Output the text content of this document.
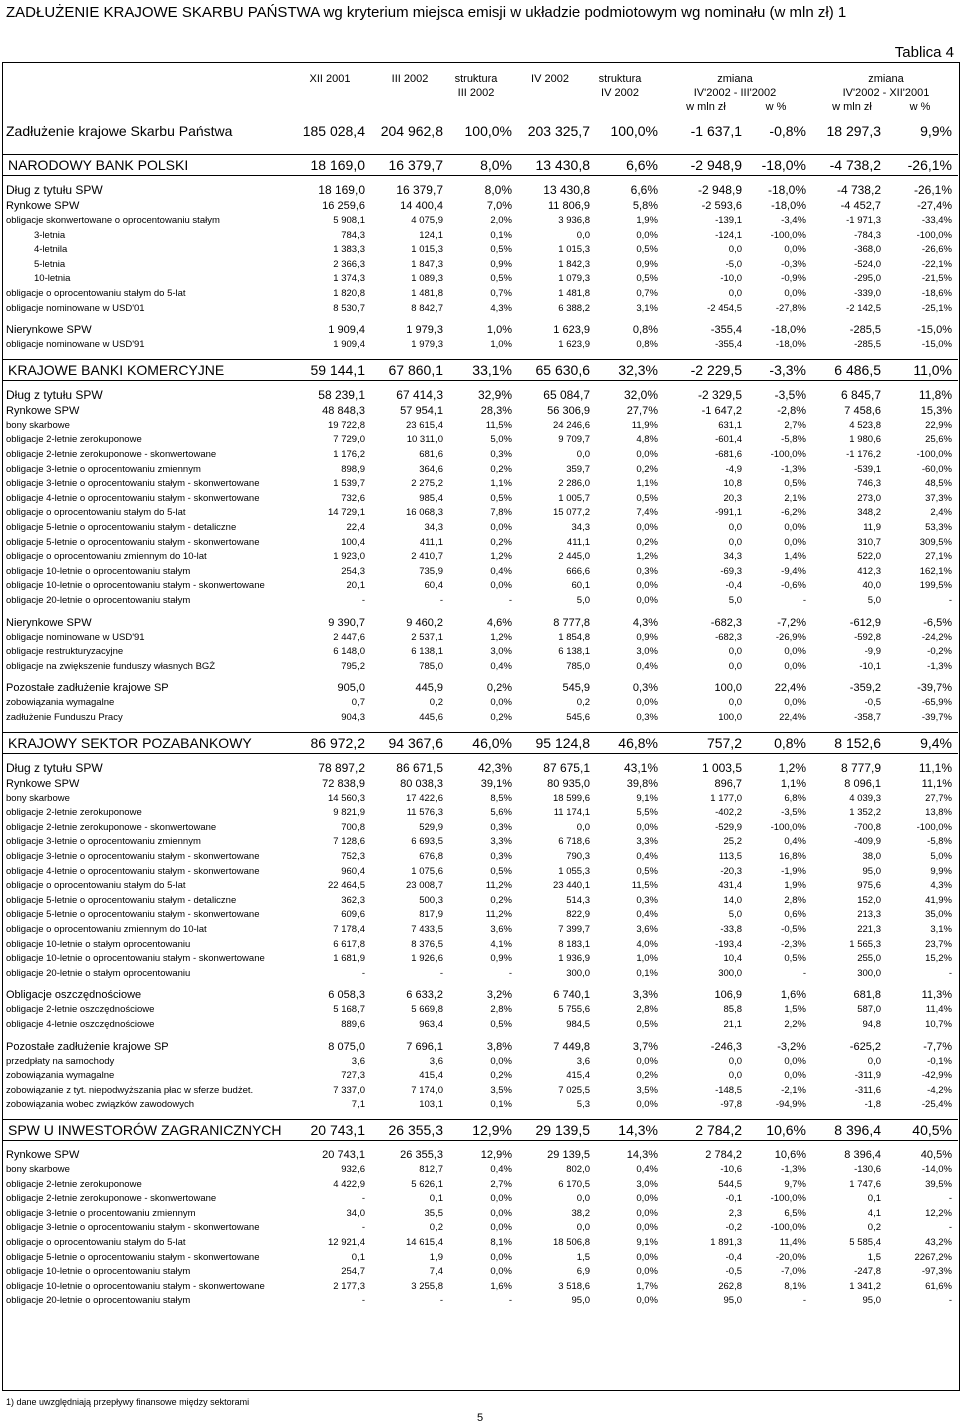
ZADŁUŻENIE KRAJOWE SKARBU PAŃSTWA wg kryterium miejsca emisji w układzie podmiotowym wg nominału (w mln zł) 1
Tablica 4
XII 2001	III 2002	struktura
III 2002
IV 2002	struktura
IV 2002
zmiana
IV'2002 - III'2002
w mln zł	w %
zmiana
IV'2002 - XII'2001
w mln zł	w %
Zadłużenie krajowe Skarbu Państwa	185 028,4	204 962,8	100,0%	203 325,7	100,0%	-1 637,1	-0,8%	18 297,3	9,9%
NARODOWY BANK POLSKI	18 169,0	16 379,7	8,0%	13 430,8	6,6%	-2 948,9	-18,0%	-4 738,2	-26,1%
Dług z tytułu SPW	18 169,0	16 379,7	8,0%	13 430,8	6,6%	-2 948,9	-18,0%	-4 738,2	-26,1%
Rynkowe SPW	16 259,6	14 400,4	7,0%	11 806,9	5,8%	-2 593,6	-18,0%	-4 452,7	-27,4%
obligacje skonwertowane o oprocentowaniu stałym	5 908,1	4 075,9	2,0%	3 936,8	1,9%	-139,1	-3,4%	-1 971,3	-33,4%
3-letnia	784,3	124,1	0,1%	0,0	0,0%	-124,1	-100,0%	-784,3	-100,0%
4-letnila	1 383,3	1 015,3	0,5%	1 015,3	0,5%	0,0	0,0%	-368,0	-26,6%
5-letnia	2 366,3	1 847,3	0,9%	1 842,3	0,9%	-5,0	-0,3%	-524,0	-22,1%
10-letnia	1 374,3	1 089,3	0,5%	1 079,3	0,5%	-10,0	-0,9%	-295,0	-21,5%
obligacje o oprocentowaniu stałym do 5-lat	1 820,8	1 481,8	0,7%	1 481,8	0,7%	0,0	0,0%	-339,0	-18,6%
obligacje nominowane w USD'01	8 530,7	8 842,7	4,3%	6 388,2	3,1%	-2 454,5	-27,8%	-2 142,5	-25,1%
Nierynkowe SPW	1 909,4	1 979,3	1,0%	1 623,9	0,8%	-355,4	-18,0%	-285,5	-15,0%
obligacje nominowane w USD'91	1 909,4	1 979,3	1,0%	1 623,9	0,8%	-355,4	-18,0%	-285,5	-15,0%
KRAJOWE BANKI KOMERCYJNE	59 144,1	67 860,1	33,1%	65 630,6	32,3%	-2 229,5	-3,3%	6 486,5	11,0%
Dług z tytułu SPW	58 239,1	67 414,3	32,9%	65 084,7	32,0%	-2 329,5	-3,5%	6 845,7	11,8%
Rynkowe SPW	48 848,3	57 954,1	28,3%	56 306,9	27,7%	-1 647,2	-2,8%	7 458,6	15,3%
bony skarbowe	19 722,8	23 615,4	11,5%	24 246,6	11,9%	631,1	2,7%	4 523,8	22,9%
obligacje 2-letnie zerokuponowe	7 729,0	10 311,0	5,0%	9 709,7	4,8%	-601,4	-5,8%	1 980,6	25,6%
obligacje 2-letnie zerokuponowe - skonwertowane	1 176,2	681,6	0,3%	0,0	0,0%	-681,6	-100,0%	-1 176,2	-100,0%
obligacje 3-letnie o oprocentowaniu zmiennym	898,9	364,6	0,2%	359,7	0,2%	-4,9	-1,3%	-539,1	-60,0%
obligacje 3-letnie o oprocentowaniu stałym - skonwertowane	1 539,7	2 275,2	1,1%	2 286,0	1,1%	10,8	0,5%	746,3	48,5%
obligacje 4-letnie o oprocentowaniu stałym - skonwertowane	732,6	985,4	0,5%	1 005,7	0,5%	20,3	2,1%	273,0	37,3%
obligacje o oprocentowaniu stałym do 5-lat	14 729,1	16 068,3	7,8%	15 077,2	7,4%	-991,1	-6,2%	348,2	2,4%
obligacje 5-letnie o oprocentowaniu stałym - detaliczne	22,4	34,3	0,0%	34,3	0,0%	0,0	0,0%	11,9	53,3%
obligacje 5-letnie o oprocentowaniu stałym - skonwertowane	100,4	411,1	0,2%	411,1	0,2%	0,0	0,0%	310,7	309,5%
obligacje o oprocentowaniu zmiennym do 10-lat	1 923,0	2 410,7	1,2%	2 445,0	1,2%	34,3	1,4%	522,0	27,1%
obligacje 10-letnie o oprocentowaniu stałym	254,3	735,9	0,4%	666,6	0,3%	-69,3	-9,4%	412,3	162,1%
obligacje 10-letnie o oprocentowaniu stałym - skonwertowane	20,1	60,4	0,0%	60,1	0,0%	-0,4	-0,6%	40,0	199,5%
obligacje 20-letnie o oprocentowaniu stałym	-	-	-	5,0	0,0%	5,0	-	5,0	-
Nierynkowe SPW	9 390,7	9 460,2	4,6%	8 777,8	4,3%	-682,3	-7,2%	-612,9	-6,5%
obligacje nominowane w USD'91	2 447,6	2 537,1	1,2%	1 854,8	0,9%	-682,3	-26,9%	-592,8	-24,2%
obligacje restrukturyzacyjne	6 148,0	6 138,1	3,0%	6 138,1	3,0%	0,0	0,0%	-9,9	-0,2%
obligacje na zwiększenie funduszy własnych BGŻ	795,2	785,0	0,4%	785,0	0,4%	0,0	0,0%	-10,1	-1,3%
Pozostałe zadłużenie krajowe SP	905,0	445,9	0,2%	545,9	0,3%	100,0	22,4%	-359,2	-39,7%
zobowiązania wymagalne	0,7	0,2	0,0%	0,2	0,0%	0,0	0,0%	-0,5	-65,9%
zadłużenie Funduszu Pracy	904,3	445,6	0,2%	545,6	0,3%	100,0	22,4%	-358,7	-39,7%
KRAJOWY SEKTOR POZABANKOWY	86 972,2	94 367,6	46,0%	95 124,8	46,8%	757,2	0,8%	8 152,6	9,4%
Dług z tytułu SPW	78 897,2	86 671,5	42,3%	87 675,1	43,1%	1 003,5	1,2%	8 777,9	11,1%
Rynkowe SPW	72 838,9	80 038,3	39,1%	80 935,0	39,8%	896,7	1,1%	8 096,1	11,1%
bony skarbowe	14 560,3	17 422,6	8,5%	18 599,6	9,1%	1 177,0	6,8%	4 039,3	27,7%
obligacje 2-letnie zerokuponowe	9 821,9	11 576,3	5,6%	11 174,1	5,5%	-402,2	-3,5%	1 352,2	13,8%
obligacje 2-letnie zerokuponowe - skonwertowane	700,8	529,9	0,3%	0,0	0,0%	-529,9	-100,0%	-700,8	-100,0%
obligacje 3-letnie o oprocentowaniu zmiennym	7 128,6	6 693,5	3,3%	6 718,6	3,3%	25,2	0,4%	-409,9	-5,8%
obligacje 3-letnie o oprocentowaniu stałym - skonwertowane	752,3	676,8	0,3%	790,3	0,4%	113,5	16,8%	38,0	5,0%
obligacje 4-letnie o oprocentowaniu stałym - skonwertowane	960,4	1 075,6	0,5%	1 055,3	0,5%	-20,3	-1,9%	95,0	9,9%
obligacje o oprocentowaniu stałym do 5-lat	22 464,5	23 008,7	11,2%	23 440,1	11,5%	431,4	1,9%	975,6	4,3%
obligacje 5-letnie o oprocentowaniu stałym - detaliczne	362,3	500,3	0,2%	514,3	0,3%	14,0	2,8%	152,0	41,9%
obligacje 5-letnie o oprocentowaniu stałym - skonwertowane	609,6	817,9	11,2%	822,9	0,4%	5,0	0,6%	213,3	35,0%
obligacje o oprocentowaniu zmiennym do 10-lat	7 178,4	7 433,5	3,6%	7 399,7	3,6%	-33,8	-0,5%	221,3	3,1%
obligacje 10-letnie o stałym oprocentowaniu	6 617,8	8 376,5	4,1%	8 183,1	4,0%	-193,4	-2,3%	1 565,3	23,7%
obligacje 10-letnie o oprocentowaniu stałym - skonwertowane	1 681,9	1 926,6	0,9%	1 936,9	1,0%	10,4	0,5%	255,0	15,2%
obligacje 20-letnie o stałym oprocentowaniu	-	-	-	300,0	0,1%	300,0	-	300,0	-
Obligacje oszczędnościowe	6 058,3	6 633,2	3,2%	6 740,1	3,3%	106,9	1,6%	681,8	11,3%
obligacje 2-letnie oszczędnościowe	5 168,7	5 669,8	2,8%	5 755,6	2,8%	85,8	1,5%	587,0	11,4%
obligacje 4-letnie oszczędnościowe	889,6	963,4	0,5%	984,5	0,5%	21,1	2,2%	94,8	10,7%
Pozostałe zadłużenie krajowe SP	8 075,0	7 696,1	3,8%	7 449,8	3,7%	-246,3	-3,2%	-625,2	-7,7%
przedpłaty na samochody	3,6	3,6	0,0%	3,6	0,0%	0,0	0,0%	0,0	-0,1%
zobowiązania wymagalne	727,3	415,4	0,2%	415,4	0,2%	0,0	0,0%	-311,9	-42,9%
zobowiązanie z tyt. niepodwyższania płac w sferze budżet.	7 337,0	7 174,0	3,5%	7 025,5	3,5%	-148,5	-2,1%	-311,6	-4,2%
zobowiązania wobec związków zawodowych	7,1	103,1	0,1%	5,3	0,0%	-97,8	-94,9%	-1,8	-25,4%
SPW U INWESTORÓW ZAGRANICZNYCH	20 743,1	26 355,3	12,9%	29 139,5	14,3%	2 784,2	10,6%	8 396,4	40,5%
Rynkowe SPW	20 743,1	26 355,3	12,9%	29 139,5	14,3%	2 784,2	10,6%	8 396,4	40,5%
bony skarbowe	932,6	812,7	0,4%	802,0	0,4%	-10,6	-1,3%	-130,6	-14,0%
obligacje 2-letnie zerokuponowe	4 422,9	5 626,1	2,7%	6 170,5	3,0%	544,5	9,7%	1 747,6	39,5%
obligacje 2-letnie zerokuponowe - skonwertowane	-	0,1	0,0%	0,0	0,0%	-0,1	-100,0%	0,1	-
obligacje 3-letnie o procentowaniu zmiennym	34,0	35,5	0,0%	38,2	0,0%	2,3	6,5%	4,1	12,2%
obligacje 3-letnie o oprocentowaniu stałym - skonwertowane	-	0,2	0,0%	0,0	0,0%	-0,2	-100,0%	0,2	-
obligacje o oprocentowaniu stałym do 5-lat	12 921,4	14 615,4	8,1%	18 506,8	9,1%	1 891,3	11,4%	5 585,4	43,2%
obligacje 5-letnie o oprocentowaniu stałym - skonwertowane	0,1	1,9	0,0%	1,5	0,0%	-0,4	-20,0%	1,5	2267,2%
obligacje 10-letnie o oprocentowaniu stałym	254,7	7,4	0,0%	6,9	0,0%	-0,5	-7,0%	-247,8	-97,3%
obligacje 10-letnie o oprocentowaniu stałym - skonwertowane	2 177,3	3 255,8	1,6%	3 518,6	1,7%	262,8	8,1%	1 341,2	61,6%
obligacje 20-letnie o oprocentowaniu stałym	-	-	-	95,0	0,0%	95,0	-	95,0	-
1) dane uwzględniają przepływy finansowe między sektorami
5
